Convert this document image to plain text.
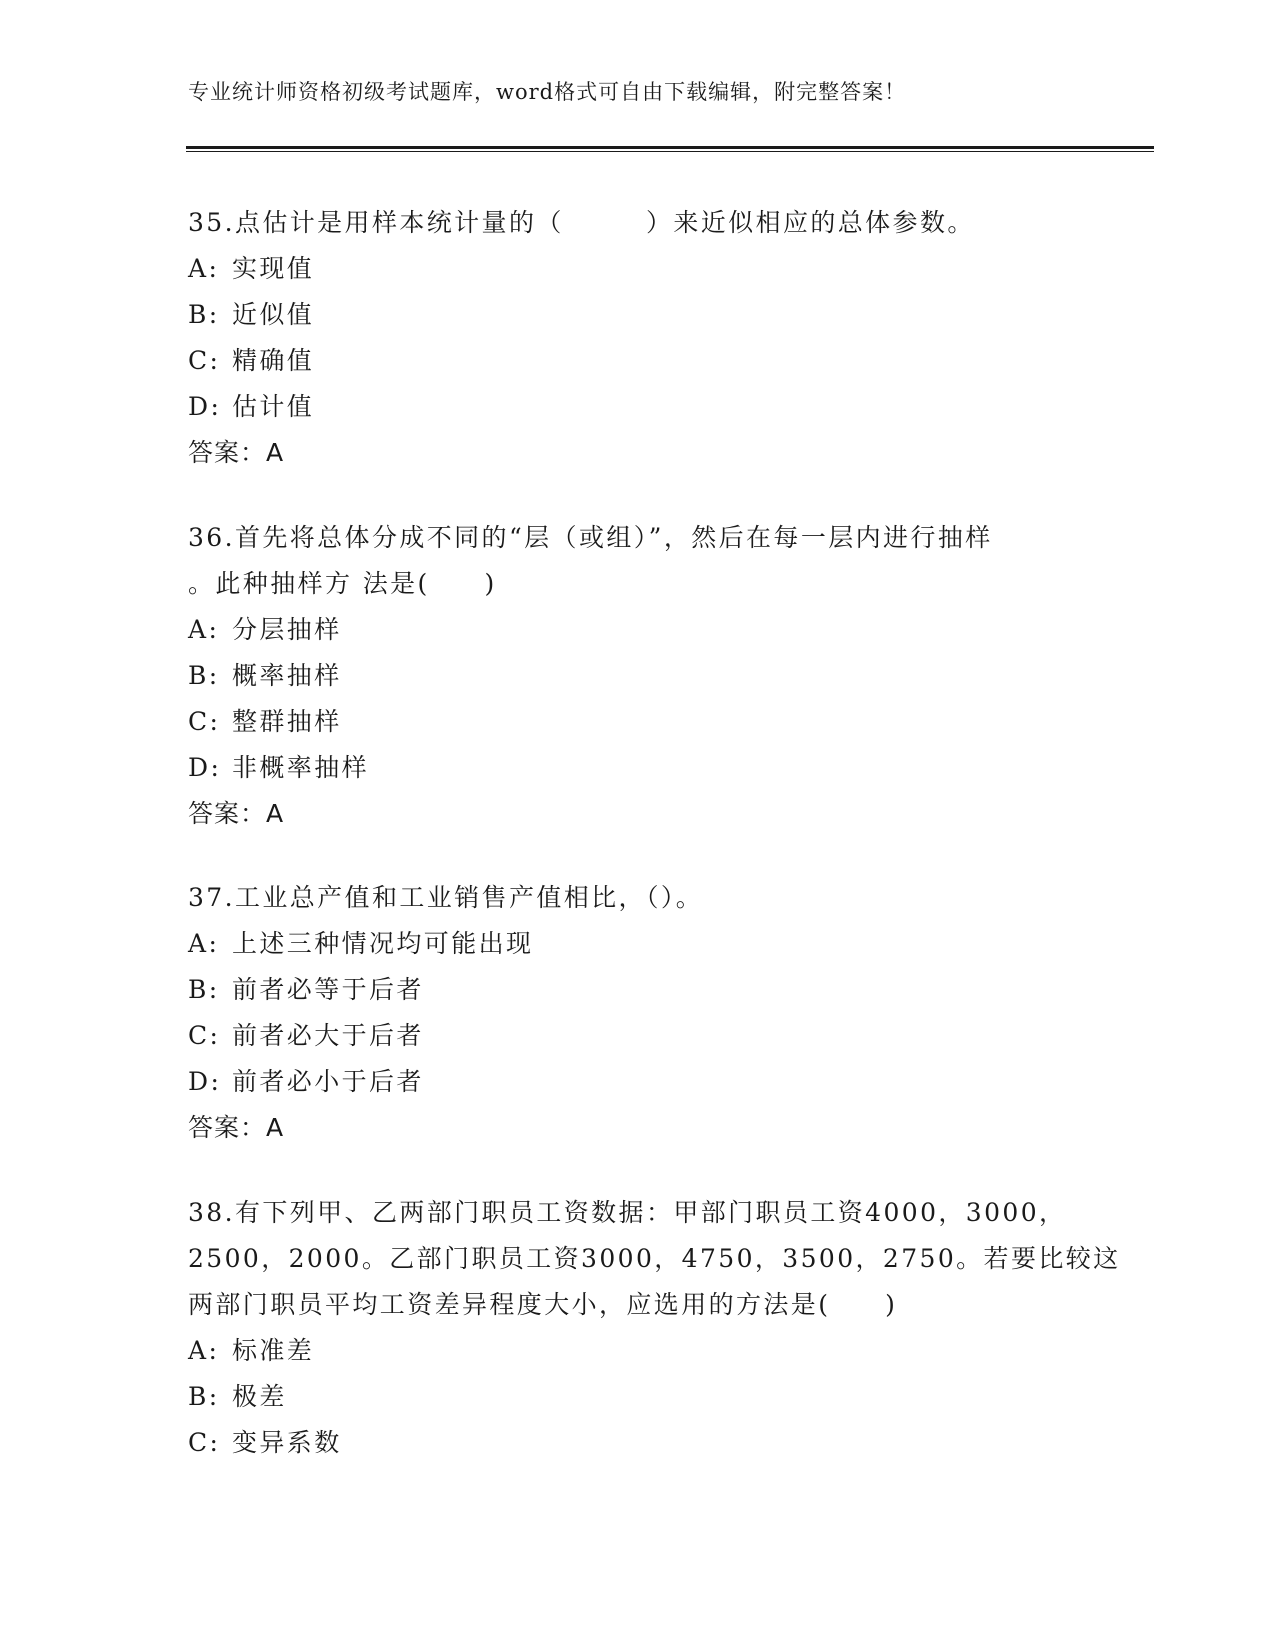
专业统计师资格初级考试题库，word格式可自由下载编辑，附完整答案！
35.点估计是用样本统计量的（　　　）来近似相应的总体参数。
A: 实现值
B: 近似值
C: 精确值
D: 估计值
答案：A
36.首先将总体分成不同的“层（或组）”，然后在每一层内进行抽样
。此种抽样方 法是(　　)
A: 分层抽样
B: 概率抽样
C: 整群抽样
D: 非概率抽样
答案：A
37.工业总产值和工业销售产值相比，（）。
A: 上述三种情况均可能出现
B: 前者必等于后者
C: 前者必大于后者
D: 前者必小于后者
答案：A
38.有下列甲、乙两部门职员工资数据：甲部门职员工资4000，3000，
2500，2000。乙部门职员工资3000，4750，3500，2750。若要比较这
两部门职员平均工资差异程度大小，应选用的方法是(　　)
A: 标准差
B: 极差
C: 变异系数
